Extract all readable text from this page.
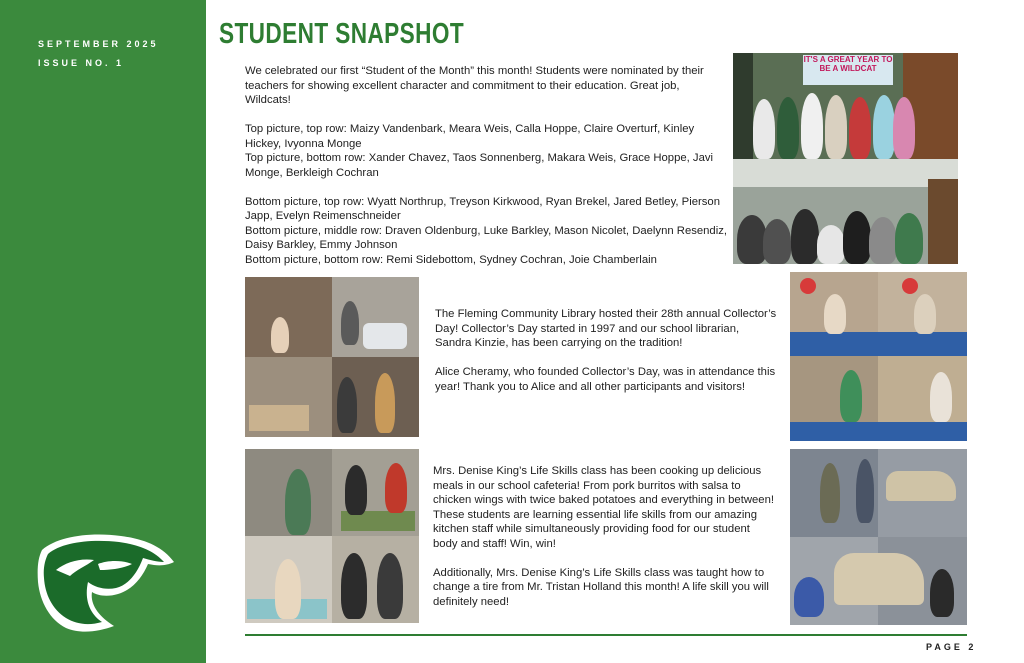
SEPTEMBER 2025
ISSUE NO. 1
STUDENT SNAPSHOT

We celebrated our first “Student of the Month” this month! Students were nominated by their teachers for showing excellent character and commitment to their education. Great job, Wildcats!

Top picture, top row: Maizy Vandenbark, Meara Weis, Calla Hoppe, Claire Overturf, Kinley Hickey, Ivyonna Monge

Top picture, bottom row: Xander Chavez, Taos Sonnenberg, Makara Weis, Grace Hoppe, Javi Monge, Berkleigh Cochran

Bottom picture, top row: Wyatt Northrup, Treyson Kirkwood, Ryan Brekel, Jared Betley, Pierson Japp, Evelyn Reimenschneider

Bottom picture, middle row: Draven Oldenburg, Luke Barkley, Mason Nicolet, Daelynn Resendiz, Daisy Barkley, Emmy Johnson

Bottom picture, bottom row: Remi Sidebottom, Sydney Cochran, Joie Chamberlain

IT'S A GREAT YEAR TO BE A WILDCAT

The Fleming Community Library hosted their 28th annual Collector’s Day! Collector’s Day started in 1997 and our school librarian, Sandra Kinzie, has been carrying on the tradition!

Alice Cheramy, who founded Collector’s Day, was in attendance this year! Thank you to Alice and all other participants and visitors!

Mrs. Denise King’s Life Skills class has been cooking up delicious meals in our school cafeteria! From pork burritos with salsa to chicken wings with twice baked potatoes and everything in between! These students are learning essential life skills from our amazing kitchen staff while simultaneously providing food for our student body and staff! Win, win!

Additionally, Mrs. Denise King’s Life Skills class was taught how to change a tire from Mr. Tristan Holland this month! A life skill you will definitely need!

PAGE 2
